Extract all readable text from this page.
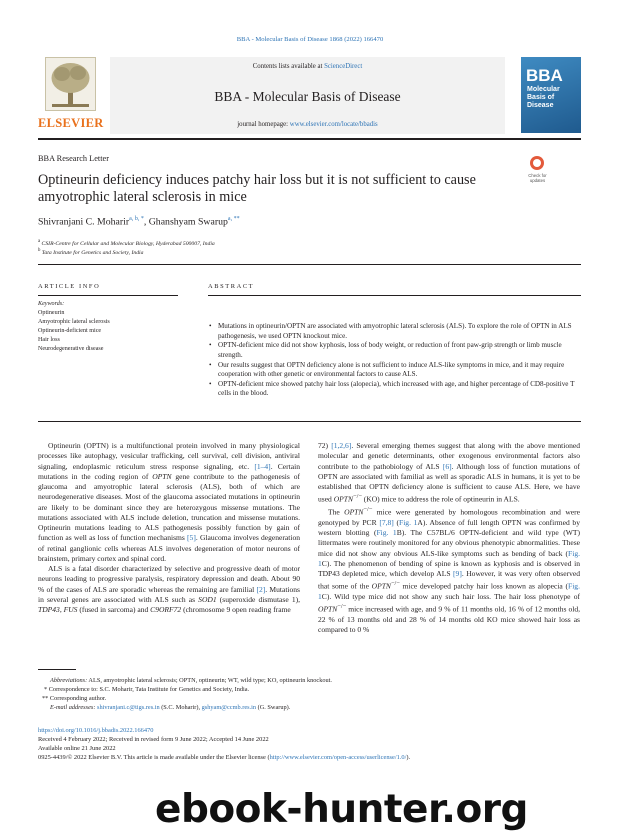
BBA - Molecular Basis of Disease 1868 (2022) 166470
ELSEVIER
Contents lists available at ScienceDirect
BBA - Molecular Basis of Disease
journal homepage: www.elsevier.com/locate/bbadis
BBA
Molecular
Basis of
Disease
BBA Research Letter
Optineurin deficiency induces patchy hair loss but it is not sufficient to cause amyotrophic lateral sclerosis in mice
Check for
updates
Shivranjani C. Moharir$^{a, b, *}$, Ghanshyam Swarup$^{a, **}$
$^a$ CSIR-Centre for Cellular and Molecular Biology, Hyderabad 500007, India
$^b$ Tata Institute for Genetics and Society, India
ARTICLE INFO	ABSTRACT
Keywords:
Optineurin
Amyotrophic lateral sclerosis
Optineurin-deficient mice
Hair loss
Neurodegenerative disease
• Mutations in optineurin/OPTN are associated with amyotrophic lateral sclerosis (ALS). To explore the role of OPTN in ALS pathogenesis, we used OPTN knockout mice.
• OPTN-deficient mice did not show kyphosis, loss of body weight, or reduction of front paw-grip strength or limb muscle strength.
• Our results suggest that OPTN deficiency alone is not sufficient to induce ALS-like symptoms in mice, and it may require cooperation with other genetic or environmental factors to cause ALS.
• OPTN-deficient mice showed patchy hair loss (alopecia), which increased with age, and higher percentage of CD8-positive T cells in the blood.

Optineurin (OPTN) is a multifunctional protein involved in many physiological processes like autophagy, vesicular trafficking, cell survival, cell division, antiviral signaling, endoplasmic reticulum stress response signaling, etc. [1–4]. Certain mutations in the coding region of OPTN gene contribute to the pathogenesis of glaucoma and amyotrophic lateral sclerosis (ALS), both of which are neurodegenerative diseases. Most of the glaucoma associated mutations in optineurin are likely to be dominant since they are heterozygous missense mutations. The mutations associated with ALS include deletion, truncation and missense mutations. Optineurin mutations leading to ALS pathogenesis possibly function by gain of function as well as loss of function mechanisms [5]. Glaucoma involves degeneration of retinal ganglionic cells whereas ALS involves degeneration of motor neurons of brainstem, primary cortex and spinal cord.

ALS is a fatal disorder characterized by selective and progressive death of motor neurons leading to progressive paralysis, respiratory depression and death. About 90 % of the cases of ALS are sporadic whereas the remaining are familial [2]. Mutations in several genes are associated with ALS such as SOD1 (superoxide dismutase 1), TDP43, FUS (fused in sarcoma) and C9ORF72 (chromosome 9 open reading frame

72) [1,2,6]. Several emerging themes suggest that along with the above mentioned molecular and genetic determinants, other exogenous environmental factors also contribute to the pathobiology of ALS [6]. Although loss of function mutations of OPTN are associated with familial as well as sporadic ALS in humans, it is yet to be established that OPTN deficiency alone is sufficient to cause ALS. Here, we have used OPTN−/− (KO) mice to address the role of optineurin in ALS.

The OPTN−/− mice were generated by homologous recombination and were genotyped by PCR [7,8] (Fig. 1A). Absence of full length OPTN was confirmed by western blotting (Fig. 1B). The C57BL/6 OPTN-deficient and wild type (WT) littermates were routinely monitored for any obvious phenotypic abnormalities. These mice did not show any obvious ALS-like symptoms such as bending of back (Fig. 1C). The phenomenon of bending of spine is known as kyphosis and is observed in TDP43 depleted mice, which develop ALS [9]. However, it was very often observed that some of the OPTN−/− mice developed patchy hair loss known as alopecia (Fig. 1C). Wild type mice did not show any such hair loss. The hair loss phenotype of OPTN−/− mice increased with age, and 9 % of 11 months old, 16 % of 12 months old, 22 % of 13 months old and 28 % of 14 months old KO mice showed hair loss as compared to 0 %

Abbreviations: ALS, amyotrophic lateral sclerosis; OPTN, optineurin; WT, wild type; KO, optineurin knockout.
* Correspondence to: S.C. Moharir, Tata Institute for Genetics and Society, India.
** Corresponding author.
E-mail addresses: shivranjani.c@tigs.res.in (S.C. Moharir), gshyam@ccmb.res.in (G. Swarup).
https://doi.org/10.1016/j.bbadis.2022.166470
Received 4 February 2022; Received in revised form 9 June 2022; Accepted 14 June 2022
Available online 21 June 2022
0925-4439/© 2022 Elsevier B.V. This article is made available under the Elsevier license (http://www.elsevier.com/open-access/userlicense/1.0/).
ebook-hunter.org
